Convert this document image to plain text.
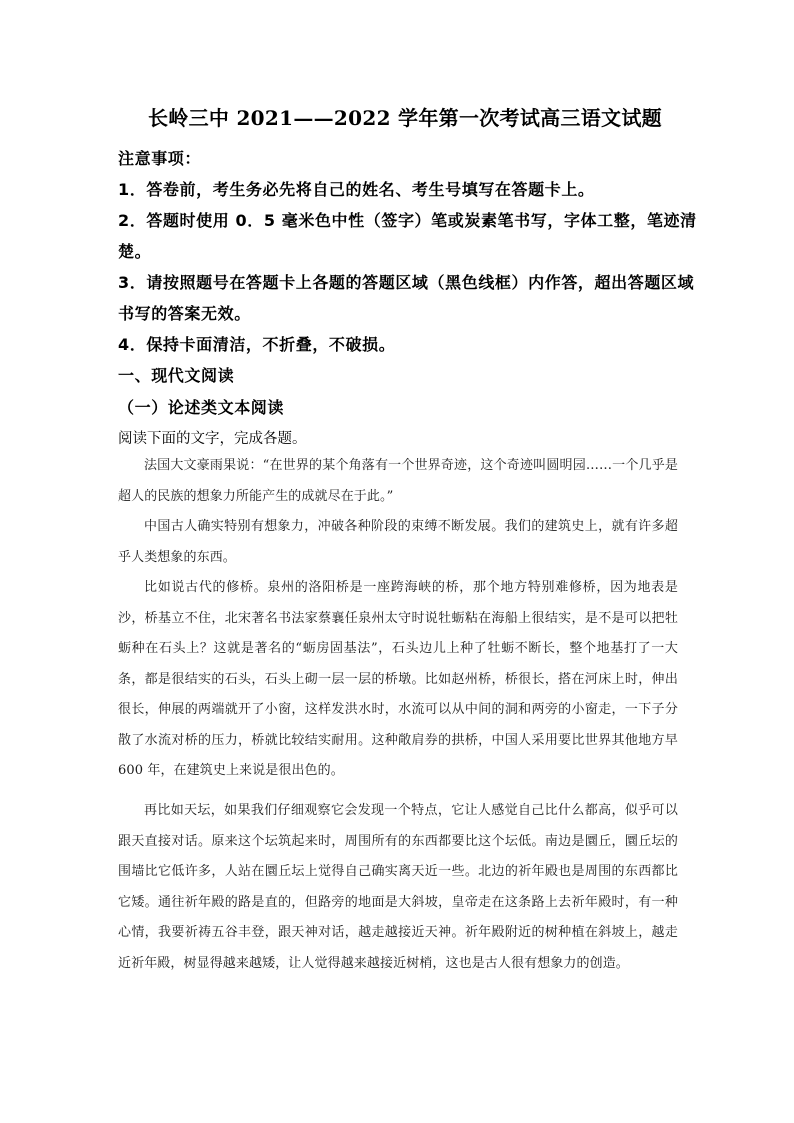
长岭三中 2021——2022 学年第一次考试高三语文试题
注意事项：
1．答卷前，考生务必先将自己的姓名、考生号填写在答题卡上。
2．答题时使用 0．5 毫米色中性（签字）笔或炭素笔书写，字体工整，笔迹清
楚。
3．请按照题号在答题卡上各题的答题区域（黑色线框）内作答，超出答题区域
书写的答案无效。
4．保持卡面清洁，不折叠，不破损。
一、现代文阅读
（一）论述类文本阅读
阅读下面的文字，完成各题。
法国大文豪雨果说：“在世界的某个角落有一个世界奇迹，这个奇迹叫圆明园……一个几乎是超人的民族的想象力所能产生的成就尽在于此。”
中国古人确实特别有想象力，冲破各种阶段的束缚不断发展。我们的建筑史上，就有许多超乎人类想象的东西。
比如说古代的修桥。泉州的洛阳桥是一座跨海峡的桥，那个地方特别难修桥，因为地表是沙，桥基立不住，北宋著名书法家蔡襄任泉州太守时说牡蛎粘在海船上很结实，是不是可以把牡蛎种在石头上？这就是著名的“蛎房固基法”，石头边儿上种了牡蛎不断长，整个地基打了一大条，都是很结实的石头，石头上砌一层一层的桥墩。比如赵州桥，桥很长，搭在河床上时，伸出很长，伸展的两端就开了小窗，这样发洪水时，水流可以从中间的洞和两旁的小窗走，一下子分散了水流对桥的压力，桥就比较结实耐用。这种敞肩券的拱桥，中国人采用要比世界其他地方早 600 年，在建筑史上来说是很出色的。
再比如天坛，如果我们仔细观察它会发现一个特点，它让人感觉自己比什么都高，似乎可以跟天直接对话。原来这个坛筑起来时，周围所有的东西都要比这个坛低。南边是圜丘，圜丘坛的围墙比它低许多，人站在圜丘坛上觉得自己确实离天近一些。北边的祈年殿也是周围的东西都比它矮。通往祈年殿的路是直的，但路旁的地面是大斜坡，皇帝走在这条路上去祈年殿时，有一种心情，我要祈祷五谷丰登，跟天神对话，越走越接近天神。祈年殿附近的树种植在斜坡上，越走近祈年殿，树显得越来越矮，让人觉得越来越接近树梢，这也是古人很有想象力的创造。
